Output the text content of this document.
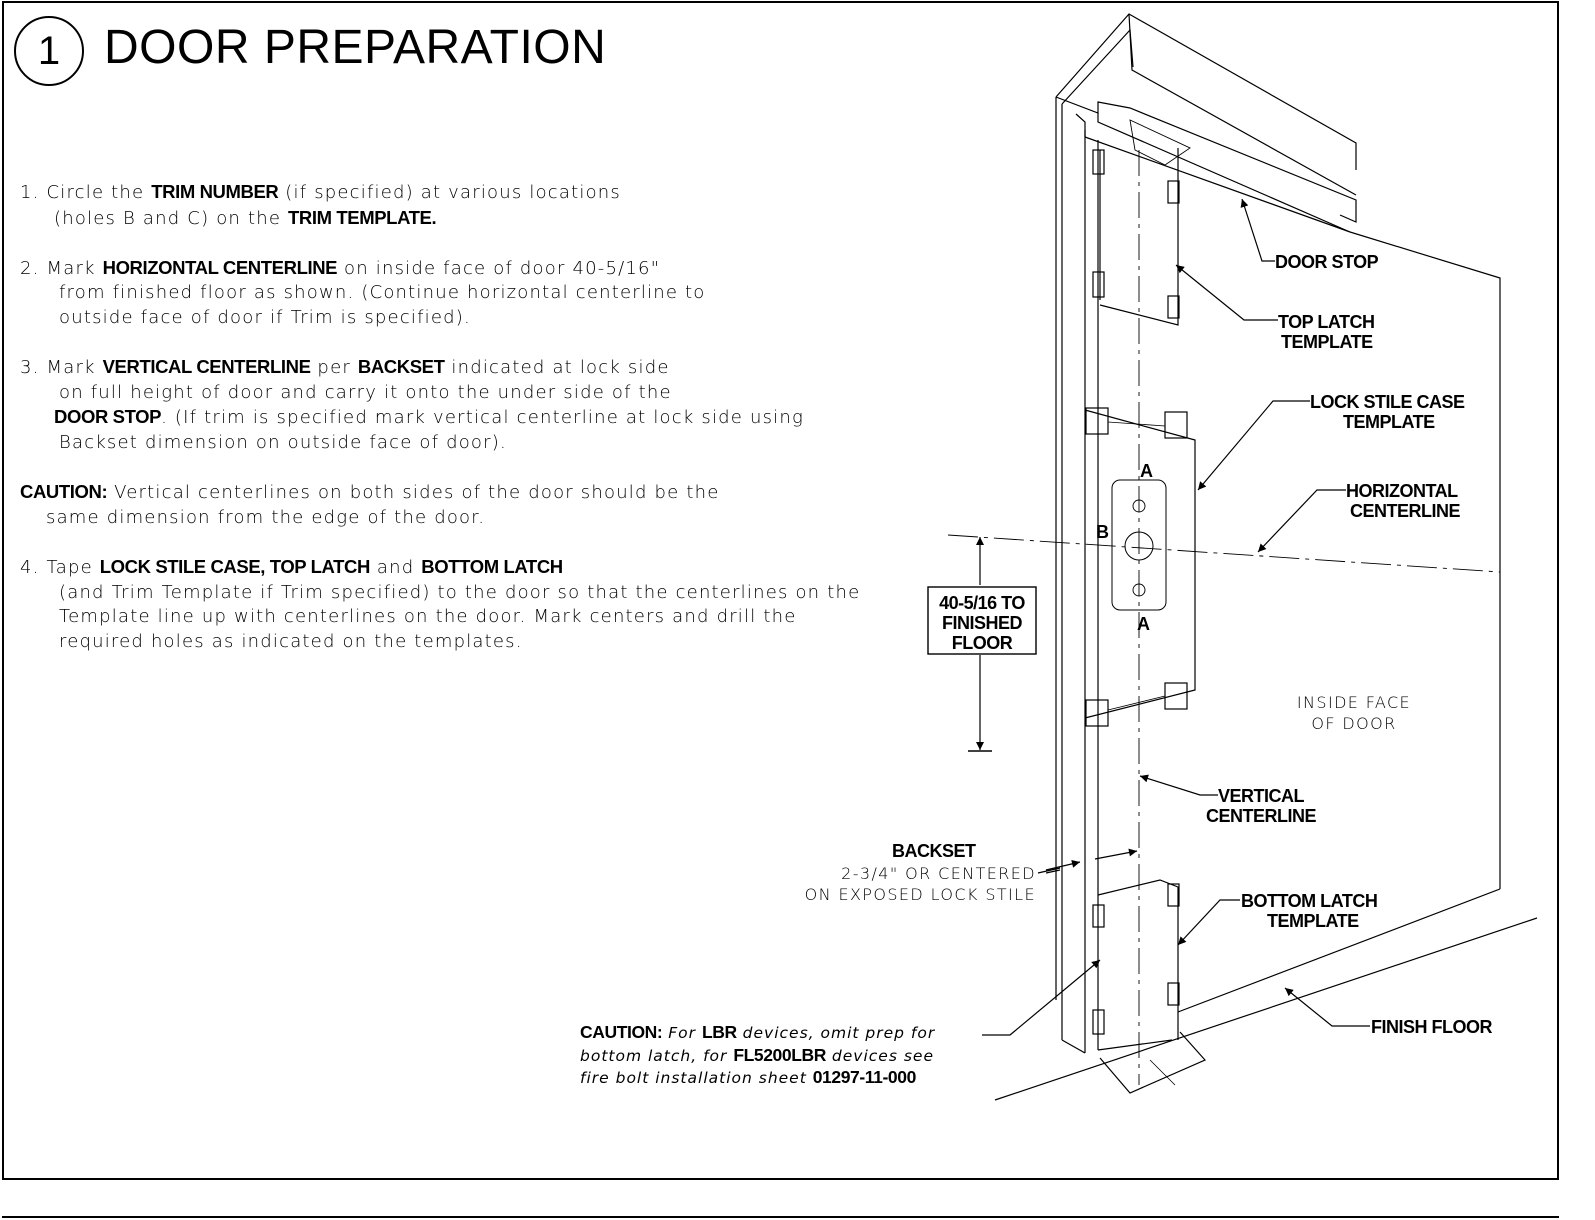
1 DOOR PREPARATION
1. Circle the TRIM NUMBER (if specified) at various locations
(holes B and C) on the TRIM TEMPLATE.
2. Mark HORIZONTAL CENTERLINE on inside face of door 40-5/16"
from finished floor as shown. (Continue horizontal centerline to
outside face of door if Trim is specified).
3. Mark VERTICAL CENTERLINE per BACKSET indicated at lock side
on full height of door and carry it onto the under side of the
DOOR STOP. (If trim is specified mark vertical centerline at lock side using
Backset dimension on outside face of door).
CAUTION: Vertical centerlines on both sides of the door should be the
same dimension from the edge of the door.
4. Tape LOCK STILE CASE, TOP LATCH and BOTTOM LATCH
(and Trim Template if Trim specified) to the door so that the centerlines on the
Template line up with centerlines on the door. Mark centers and drill the
required holes as indicated on the templates.
DOOR STOP
TOP LATCH
TEMPLATE
LOCK STILE CASE
TEMPLATE
HORIZONTAL
CENTERLINE
A
B
A
40-5/16 TO
FINISHED
FLOOR
INSIDE FACE
OF DOOR
VERTICAL
CENTERLINE
BACKSET
2-3/4" OR CENTERED
ON EXPOSED LOCK STILE	BOTTOM LATCH
TEMPLATE
FINISH FLOOR
CAUTION: For LBR devices, omit prep for
bottom latch, for FL5200LBR devices see
fire bolt installation sheet 01297-11-000
